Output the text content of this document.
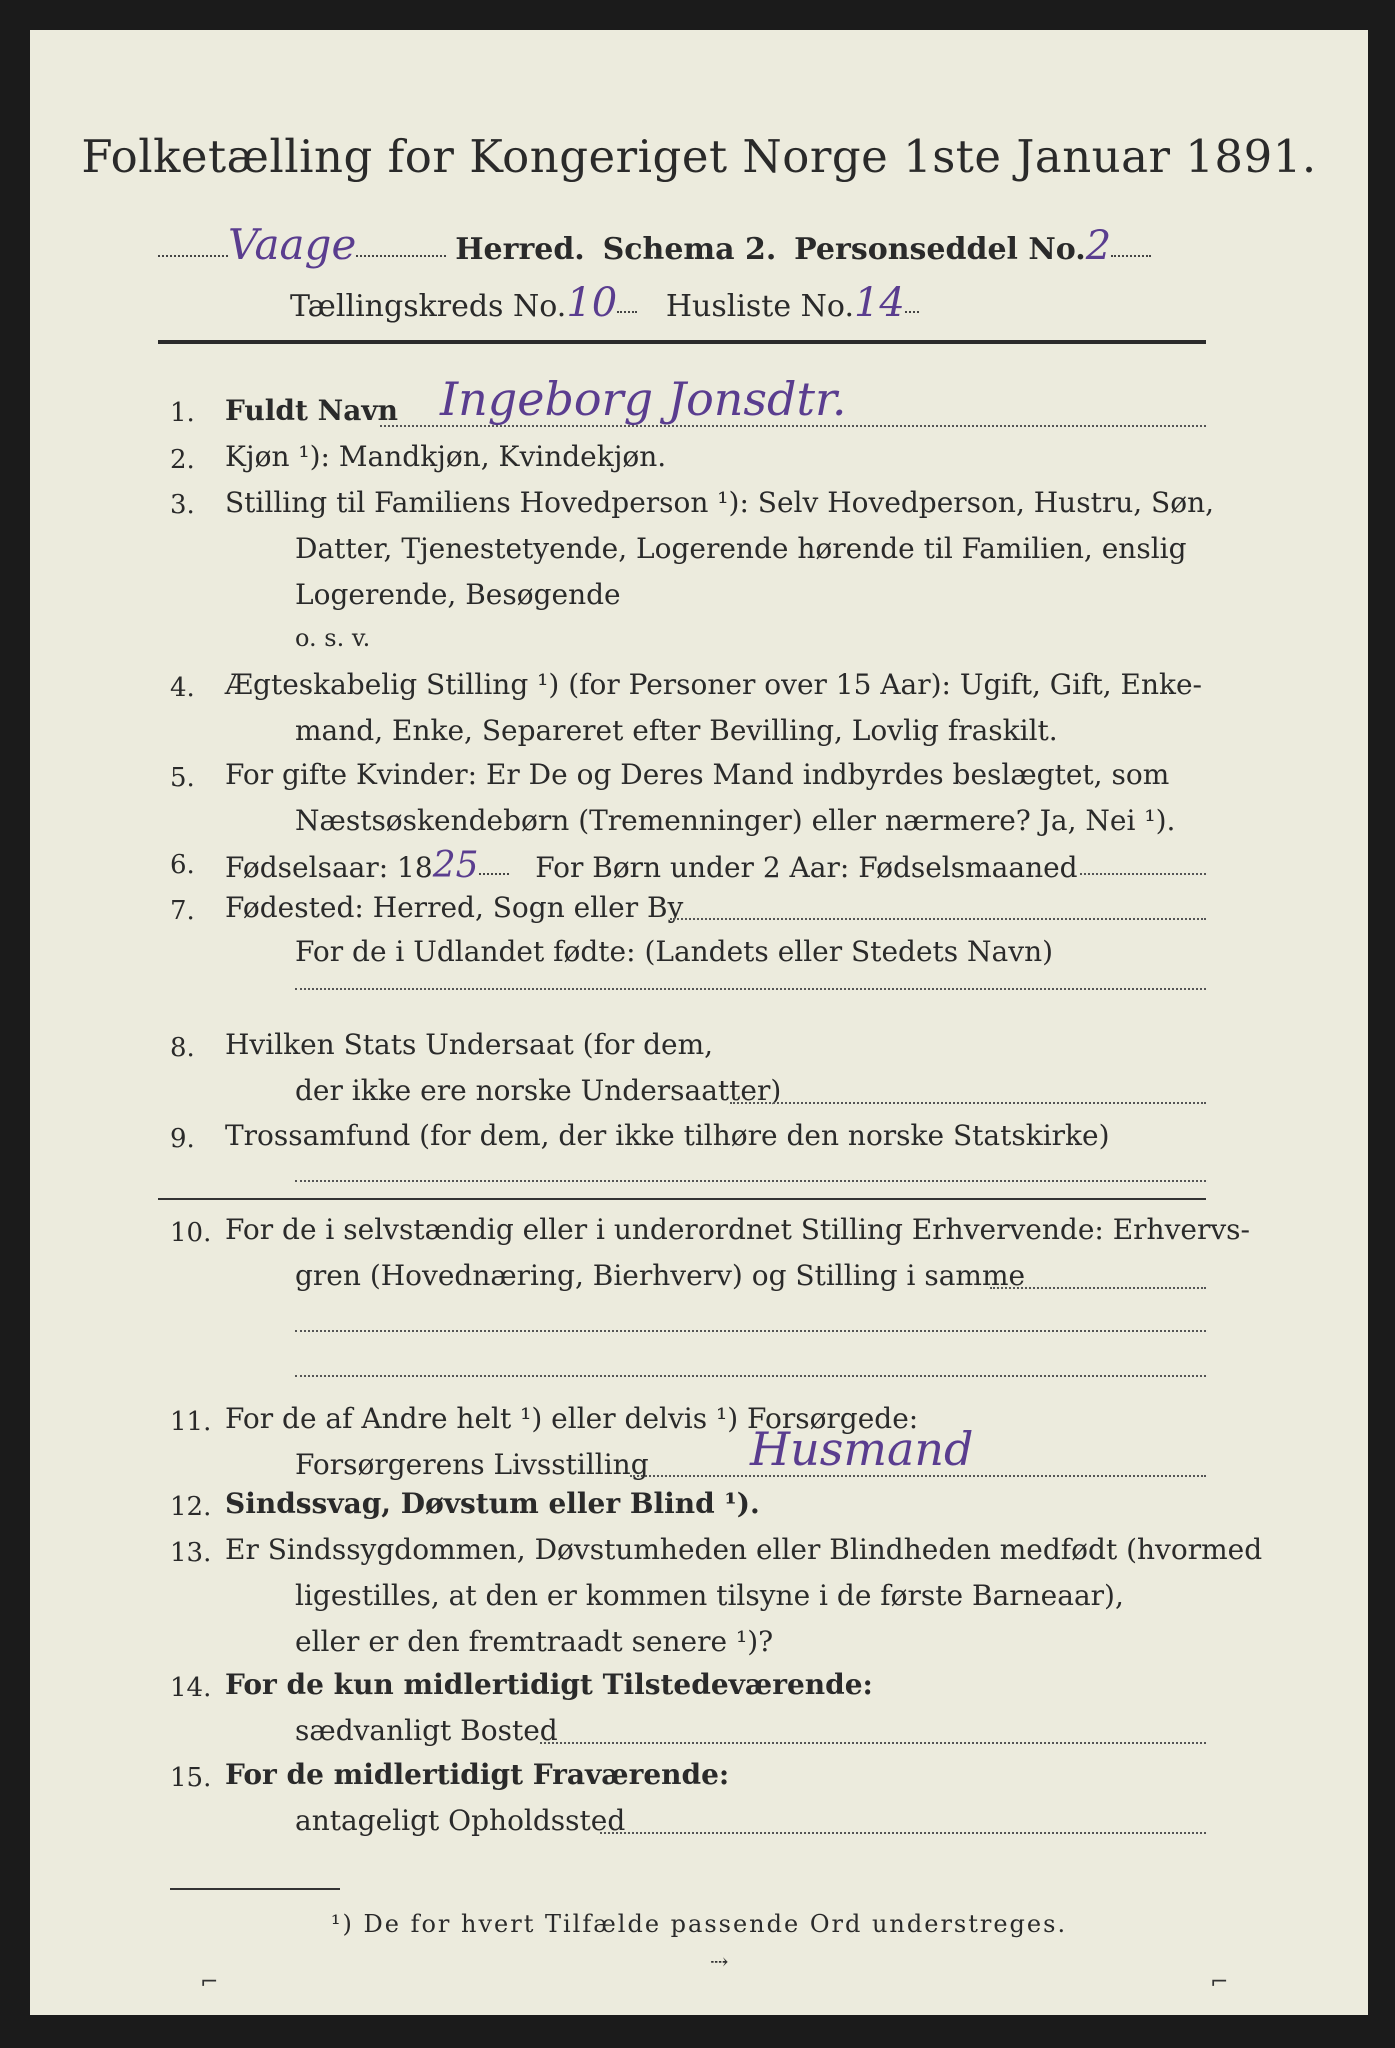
Folketælling for Kongeriget Norge 1ste Januar 1891.
Vaage	Herred. Schema 2. Personseddel No.2
Tællingskreds No.10 Husliste No.14
1.	Fuldt Navn Ingeborg Jonsdtr.
2.	Kjøn ¹): Mandkjøn, Kvindekjøn.
3.	Stilling til Familiens Hovedperson ¹): Selv Hovedperson, Hustru, Søn,
Datter, Tjenestetyende, Logerende hørende til Familien, enslig
Logerende, Besøgende
o. s. v.
4.	Ægteskabelig Stilling ¹) (for Personer over 15 Aar): Ugift, Gift, Enke-
mand, Enke, Separeret efter Bevilling, Lovlig fraskilt.
5.	For gifte Kvinder: Er De og Deres Mand indbyrdes beslægtet, som
Næstsøskendebørn (Tremenninger) eller nærmere? Ja, Nei ¹).
6.	Fødselsaar: 1825 For Børn under 2 Aar: Fødselsmaaned
7.	Fødested: Herred, Sogn eller By
For de i Udlandet fødte: (Landets eller Stedets Navn)
8.	Hvilken Stats Undersaat (for dem,
der ikke ere norske Undersaatter)
9.	Trossamfund (for dem, der ikke tilhøre den norske Statskirke)
10. For de i selvstændig eller i underordnet Stilling Erhvervende: Erhvervs-
gren (Hovednæring, Bierhverv) og Stilling i samme
11. For de af Andre helt ¹) eller delvis ¹) Forsørgede:
Forsørgerens Livsstilling Husmand
12. Sindssvag, Døvstum eller Blind ¹).
13. Er Sindssygdommen, Døvstumheden eller Blindheden medfødt (hvormed
ligestilles, at den er kommen tilsyne i de første Barneaar),
eller er den fremtraadt senere ¹)?
14. For de kun midlertidigt Tilstedeværende:
sædvanligt Bosted
15. For de midlertidigt Fraværende:
antageligt Opholdssted
¹) De for hvert Tilfælde passende Ord understreges.
⌐
⇢
⌐
